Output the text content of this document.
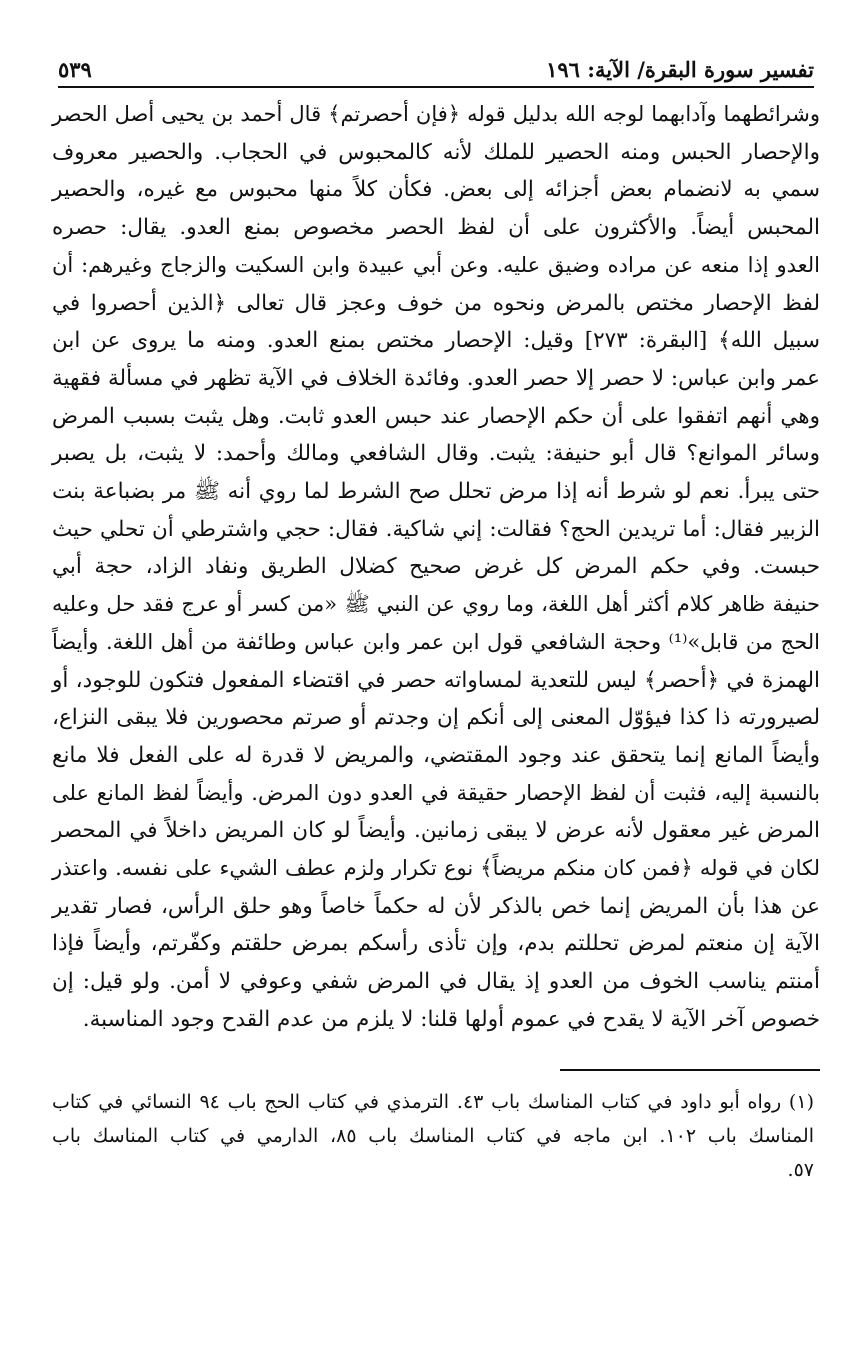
تفسير سورة البقرة/ الآية: ١٩٦
٥٣٩
وشرائطهما وآدابهما لوجه الله بدليل قوله ﴿فإن أحصرتم﴾ قال أحمد بن يحيى أصل الحصر
والإحصار الحبس ومنه الحصير للملك لأنه كالمحبوس في الحجاب. والحصير معروف
سمي به لانضمام بعض أجزائه إلى بعض. فكأن كلاً منها محبوس مع غيره، والحصير
المحبس أيضاً. والأكثرون على أن لفظ الحصر مخصوص بمنع العدو. يقال: حصره
العدو إذا منعه عن مراده وضيق عليه. وعن أبي عبيدة وابن السكيت والزجاج وغيرهم: أن
لفظ الإحصار مختص بالمرض ونحوه من خوف وعجز قال تعالى ﴿الذين أحصروا في
سبيل الله﴾ [البقرة: ٢٧٣] وقيل: الإحصار مختص بمنع العدو. ومنه ما يروى عن ابن
عمر وابن عباس: لا حصر إلا حصر العدو. وفائدة الخلاف في الآية تظهر في مسألة فقهية
وهي أنهم اتفقوا على أن حكم الإحصار عند حبس العدو ثابت. وهل يثبت بسبب المرض
وسائر الموانع؟ قال أبو حنيفة: يثبت. وقال الشافعي ومالك وأحمد: لا يثبت، بل يصبر
حتى يبرأ. نعم لو شرط أنه إذا مرض تحلل صح الشرط لما روي أنه ﷺ مر بضباعة بنت
الزبير فقال: أما تريدين الحج؟ فقالت: إني شاكية. فقال: حجي واشترطي أن تحلي حيث
حبست. وفي حكم المرض كل غرض صحيح كضلال الطريق ونفاد الزاد، حجة أبي
حنيفة ظاهر كلام أكثر أهل اللغة، وما روي عن النبي ﷺ «من كسر أو عرج فقد حل وعليه
الحج من قابل»⁽¹⁾ وحجة الشافعي قول ابن عمر وابن عباس وطائفة من أهل اللغة. وأيضاً
الهمزة في ﴿أحصر﴾ ليس للتعدية لمساواته حصر في اقتضاء المفعول فتكون للوجود، أو
لصيرورته ذا كذا فيؤوّل المعنى إلى أنكم إن وجدتم أو صرتم محصورين فلا يبقى النزاع،
وأيضاً المانع إنما يتحقق عند وجود المقتضي، والمريض لا قدرة له على الفعل فلا مانع
بالنسبة إليه، فثبت أن لفظ الإحصار حقيقة في العدو دون المرض. وأيضاً لفظ المانع على
المرض غير معقول لأنه عرض لا يبقى زمانين. وأيضاً لو كان المريض داخلاً في المحصر
لكان في قوله ﴿فمن كان منكم مريضاً﴾ نوع تكرار ولزم عطف الشيء على نفسه. واعتذر
عن هذا بأن المريض إنما خص بالذكر لأن له حكماً خاصاً وهو حلق الرأس، فصار تقدير
الآية إن منعتم لمرض تحللتم بدم، وإن تأذى رأسكم بمرض حلقتم وكفّرتم، وأيضاً فإذا
أمنتم يناسب الخوف من العدو إذ يقال في المرض شفي وعوفي لا أمن. ولو قيل: إن
خصوص آخر الآية لا يقدح في عموم أولها قلنا: لا يلزم من عدم القدح وجود المناسبة.
(١) رواه أبو داود في كتاب المناسك باب ٤٣. الترمذي في كتاب الحج باب ٩٤ النسائي في كتاب
المناسك باب ١٠٢. ابن ماجه في كتاب المناسك باب ٨٥، الدارمي في كتاب المناسك باب
٥٧.
